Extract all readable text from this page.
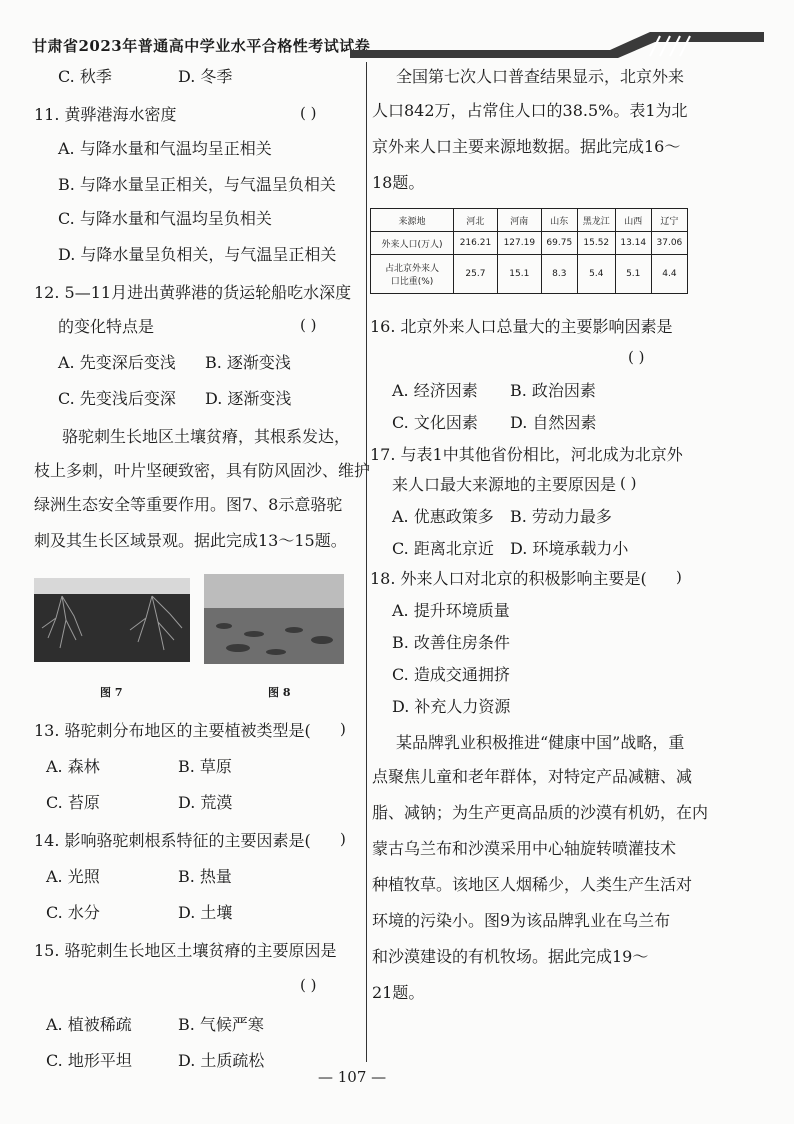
甘肃省2023年普通高中学业水平合格性考试试卷
C. 秋季	D. 冬季
11. 黄骅港海水密度	( )
A. 与降水量和气温均呈正相关
B. 与降水量呈正相关，与气温呈负相关
C. 与降水量和气温均呈负相关
D. 与降水量呈负相关，与气温呈正相关
12. 5—11月进出黄骅港的货运轮船吃水深度
的变化特点是	( )
A. 先变深后变浅 B. 逐渐变浅
C. 先变浅后变深 D. 逐渐变浅
骆驼刺生长地区土壤贫瘠，其根系发达，
枝上多刺，叶片坚硬致密，具有防风固沙、维护
绿洲生态安全等重要作用。图7、8示意骆驼
刺及其生长区域景观。据此完成13～15题。
图 7	图 8
13. 骆驼刺分布地区的主要植被类型是( )
A. 森林	B. 草原
C. 苔原	D. 荒漠
14. 影响骆驼刺根系特征的主要因素是( )
A. 光照	B. 热量
C. 水分	D. 土壤
15. 骆驼刺生长地区土壤贫瘠的主要原因是
( )
A. 植被稀疏	B. 气候严寒
C. 地形平坦	D. 土质疏松
全国第七次人口普查结果显示，北京外来
人口842万，占常住人口的38.5%。表1为北
京外来人口主要来源地数据。据此完成16～
18题。
来源地	河北	河南	山东	黑龙江	山西	辽宁
外来人口(万人)	216.21	127.19	69.75	15.52	13.14	37.06
占北京外来人
口比重(%)	25.7	15.1	8.3	5.4	5.1	4.4
16. 北京外来人口总量大的主要影响因素是
( )
A. 经济因素 B. 政治因素
C. 文化因素 D. 自然因素
17. 与表1中其他省份相比，河北成为北京外
来人口最大来源地的主要原因是 ( )
A. 优惠政策多 B. 劳动力最多
C. 距离北京近 D. 环境承载力小
18. 外来人口对北京的积极影响主要是( )
A. 提升环境质量
B. 改善住房条件
C. 造成交通拥挤
D. 补充人力资源
某品牌乳业积极推进“健康中国”战略，重
点聚焦儿童和老年群体，对特定产品减糖、减
脂、减钠；为生产更高品质的沙漠有机奶，在内
蒙古乌兰布和沙漠采用中心轴旋转喷灌技术
种植牧草。该地区人烟稀少，人类生产生活对
环境的污染小。图9为该品牌乳业在乌兰布
和沙漠建设的有机牧场。据此完成19～
21题。
— 107 —
